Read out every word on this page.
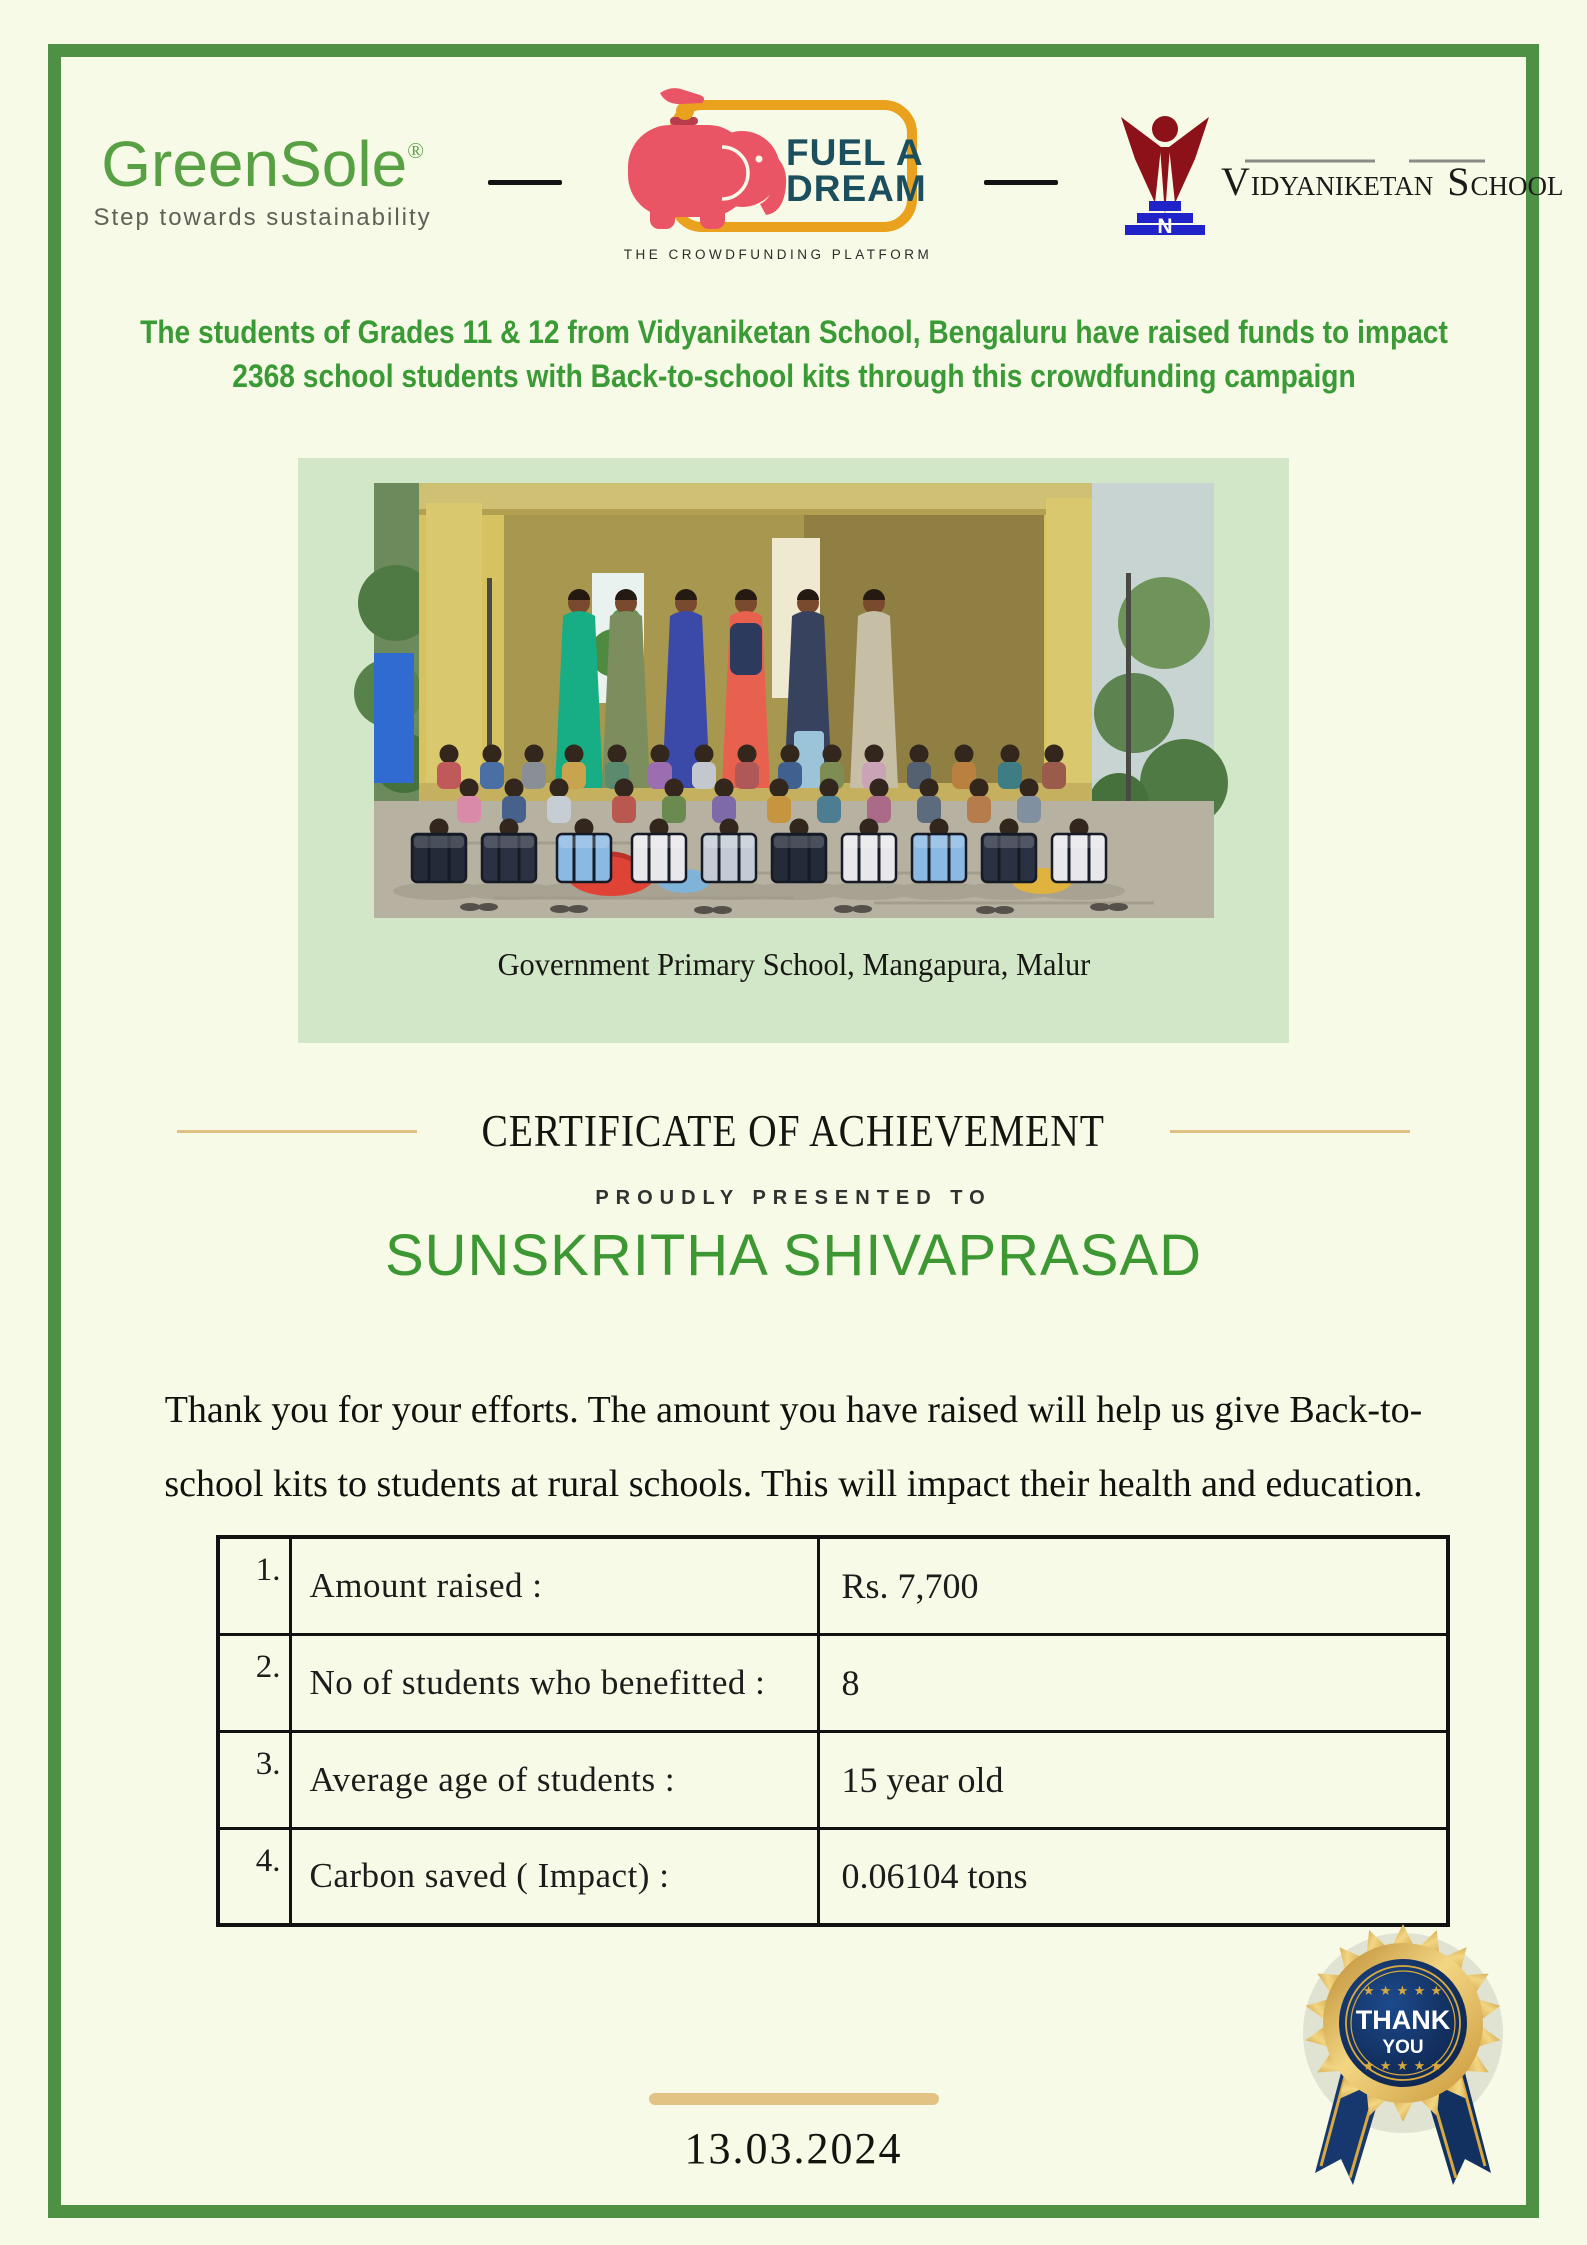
GreenSole®
Step towards sustainability
FUEL A
DREAM
THE CROWDFUNDING PLATFORM
N
VIDYANIKETAN SCHOOL
The students of Grades 11 & 12 from Vidyaniketan School, Bengaluru have raised funds to impact
2368 school students with Back-to-school kits through this crowdfunding campaign
Government Primary School, Mangapura, Malur
CERTIFICATE OF ACHIEVEMENT
PROUDLY PRESENTED TO
SUNSKRITHA SHIVAPRASAD
Thank you for your efforts. The amount you have raised will help us give Back-to-
school kits to students at rural schools. This will impact their health and education.
1.	Amount raised :	Rs. 7,700
2.	No of students who benefitted :	8
3.	Average age of students :	15 year old
4.	Carbon saved ( Impact) :	0.06104 tons
13.03.2024
★ ★ ★ ★ ★
THANK
YOU
★ ★ ★ ★ ★
